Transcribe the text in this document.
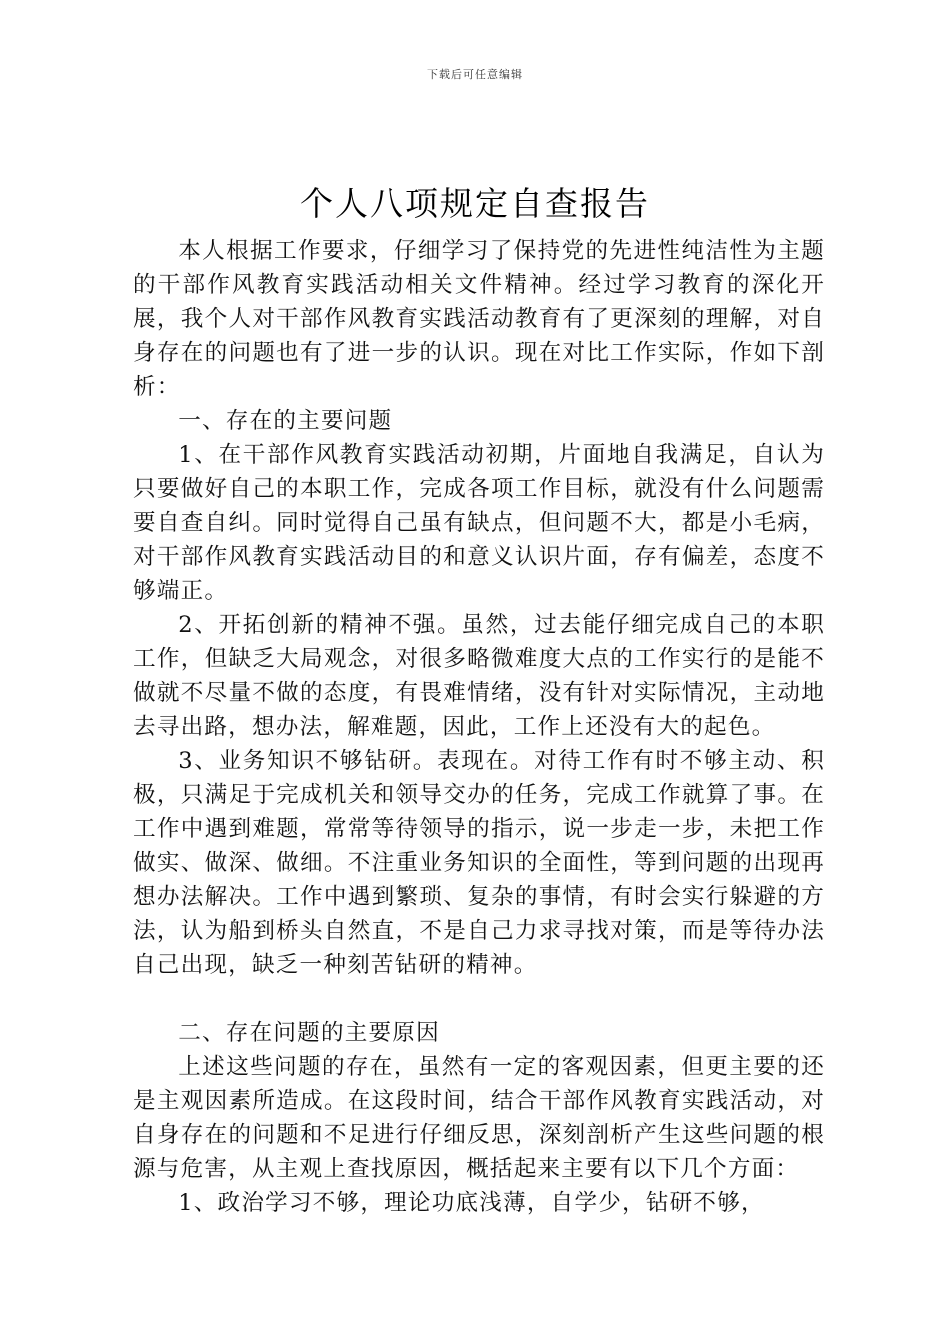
下载后可任意编辑
个人八项规定自查报告

本人根据工作要求，仔细学习了保持党的先进性纯洁性为主题的干部作风教育实践活动相关文件精神。经过学习教育的深化开展，我个人对干部作风教育实践活动教育有了更深刻的理解，对自身存在的问题也有了进一步的认识。现在对比工作实际，作如下剖析：

一、存在的主要问题

1、在干部作风教育实践活动初期，片面地自我满足，自认为只要做好自己的本职工作，完成各项工作目标，就没有什么问题需要自查自纠。同时觉得自己虽有缺点，但问题不大，都是小毛病，对干部作风教育实践活动目的和意义认识片面，存有偏差，态度不够端正。

2、开拓创新的精神不强。虽然，过去能仔细完成自己的本职工作，但缺乏大局观念，对很多略微难度大点的工作实行的是能不做就不尽量不做的态度，有畏难情绪，没有针对实际情况，主动地去寻出路，想办法，解难题，因此，工作上还没有大的起色。

3、业务知识不够钻研。表现在。对待工作有时不够主动、积极，只满足于完成机关和领导交办的任务，完成工作就算了事。在工作中遇到难题，常常等待领导的指示，说一步走一步，未把工作做实、做深、做细。不注重业务知识的全面性，等到问题的出现再想办法解决。工作中遇到繁琐、复杂的事情，有时会实行躲避的方法，认为船到桥头自然直，不是自己力求寻找对策，而是等待办法自己出现，缺乏一种刻苦钻研的精神。

二、存在问题的主要原因

上述这些问题的存在，虽然有一定的客观因素，但更主要的还是主观因素所造成。在这段时间，结合干部作风教育实践活动，对自身存在的问题和不足进行仔细反思，深刻剖析产生这些问题的根源与危害，从主观上查找原因，概括起来主要有以下几个方面：

1、政治学习不够，理论功底浅薄，自学少，钻研不够，
